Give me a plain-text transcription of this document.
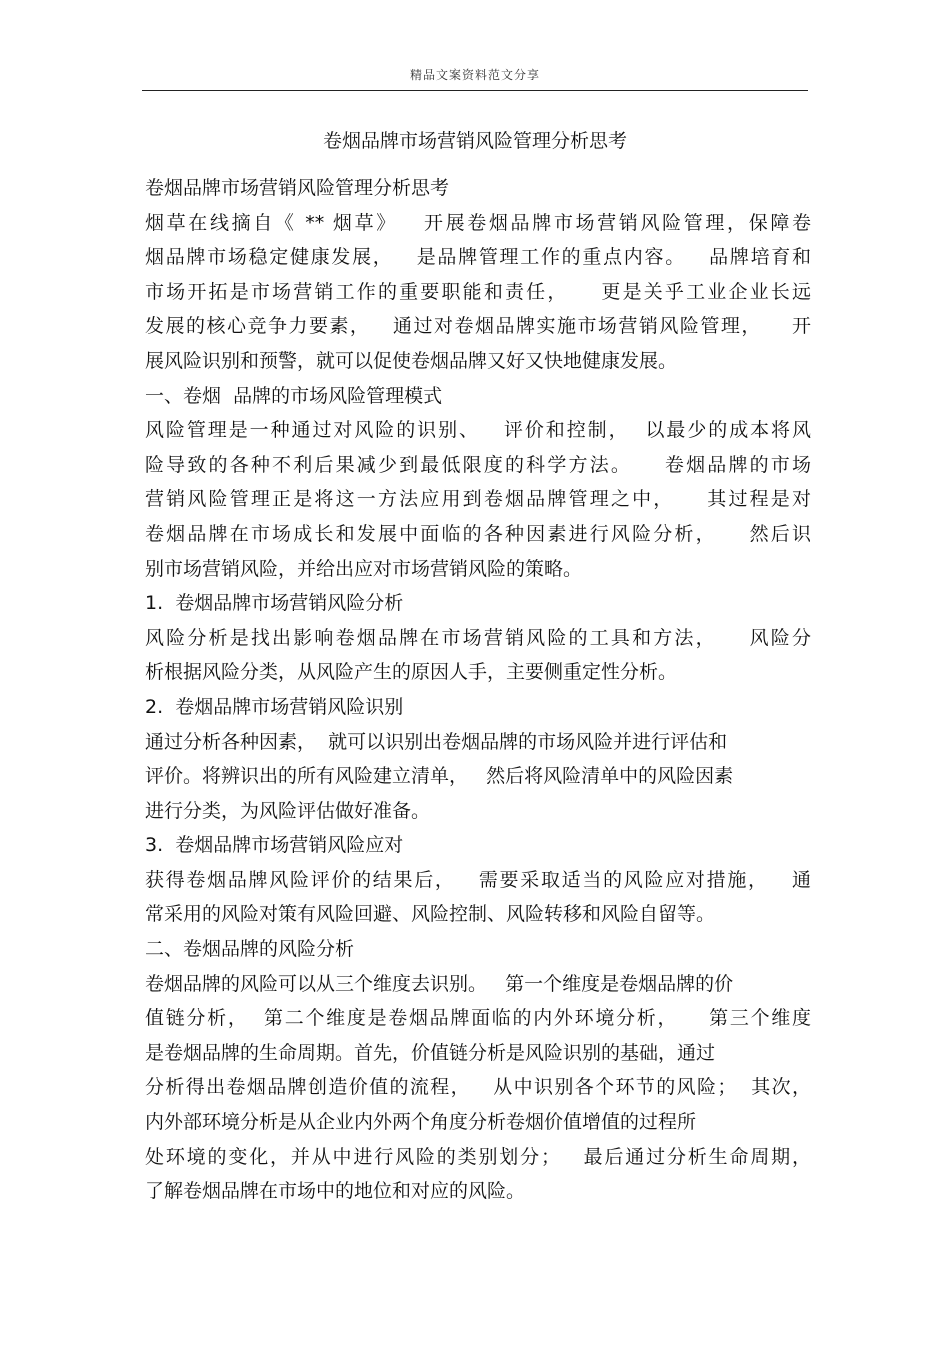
精品文案资料范文分享
卷烟品牌市场营销风险管理分析思考
卷烟品牌市场营销风险管理分析思考
烟草在线摘自《 ** 烟草》   开展卷烟品牌市场营销风险管理，保障卷
烟品牌市场稳定健康发展，   是品牌管理工作的重点内容。   品牌培育和
市场开拓是市场营销工作的重要职能和责任，    更是关乎工业企业长远
发展的核心竞争力要素，   通过对卷烟品牌实施市场营销风险管理，    开
展风险识别和预警，就可以促使卷烟品牌又好又快地健康发展。
一、卷烟  品牌的市场风险管理模式
风险管理是一种通过对风险的识别、   评价和控制，  以最少的成本将风
险导致的各种不利后果减少到最低限度的科学方法。    卷烟品牌的市场
营销风险管理正是将这一方法应用到卷烟品牌管理之中，    其过程是对
卷烟品牌在市场成长和发展中面临的各种因素进行风险分析，    然后识
别市场营销风险，并给出应对市场营销风险的策略。
1.  卷烟品牌市场营销风险分析
风险分析是找出影响卷烟品牌在市场营销风险的工具和方法，    风险分
析根据风险分类，从风险产生的原因人手，主要侧重定性分析。
2.  卷烟品牌市场营销风险识别
通过分析各种因素，  就可以识别出卷烟品牌的市场风险并进行评估和
评价。将辨识出的所有风险建立清单，   然后将风险清单中的风险因素
进行分类，为风险评估做好准备。
3.  卷烟品牌市场营销风险应对
获得卷烟品牌风险评价的结果后，   需要采取适当的风险应对措施，   通
常采用的风险对策有风险回避、风险控制、风险转移和风险自留等。
二、卷烟品牌的风险分析
卷烟品牌的风险可以从三个维度去识别。   第一个维度是卷烟品牌的价
值链分析，  第二个维度是卷烟品牌面临的内外环境分析，    第三个维度
是卷烟品牌的生命周期。首先，价值链分析是风险识别的基础，通过
分析得出卷烟品牌创造价值的流程，   从中识别各个环节的风险；  其次，
内外部环境分析是从企业内外两个角度分析卷烟价值增值的过程所
处环境的变化，并从中进行风险的类别划分；   最后通过分析生命周期，
了解卷烟品牌在市场中的地位和对应的风险。
